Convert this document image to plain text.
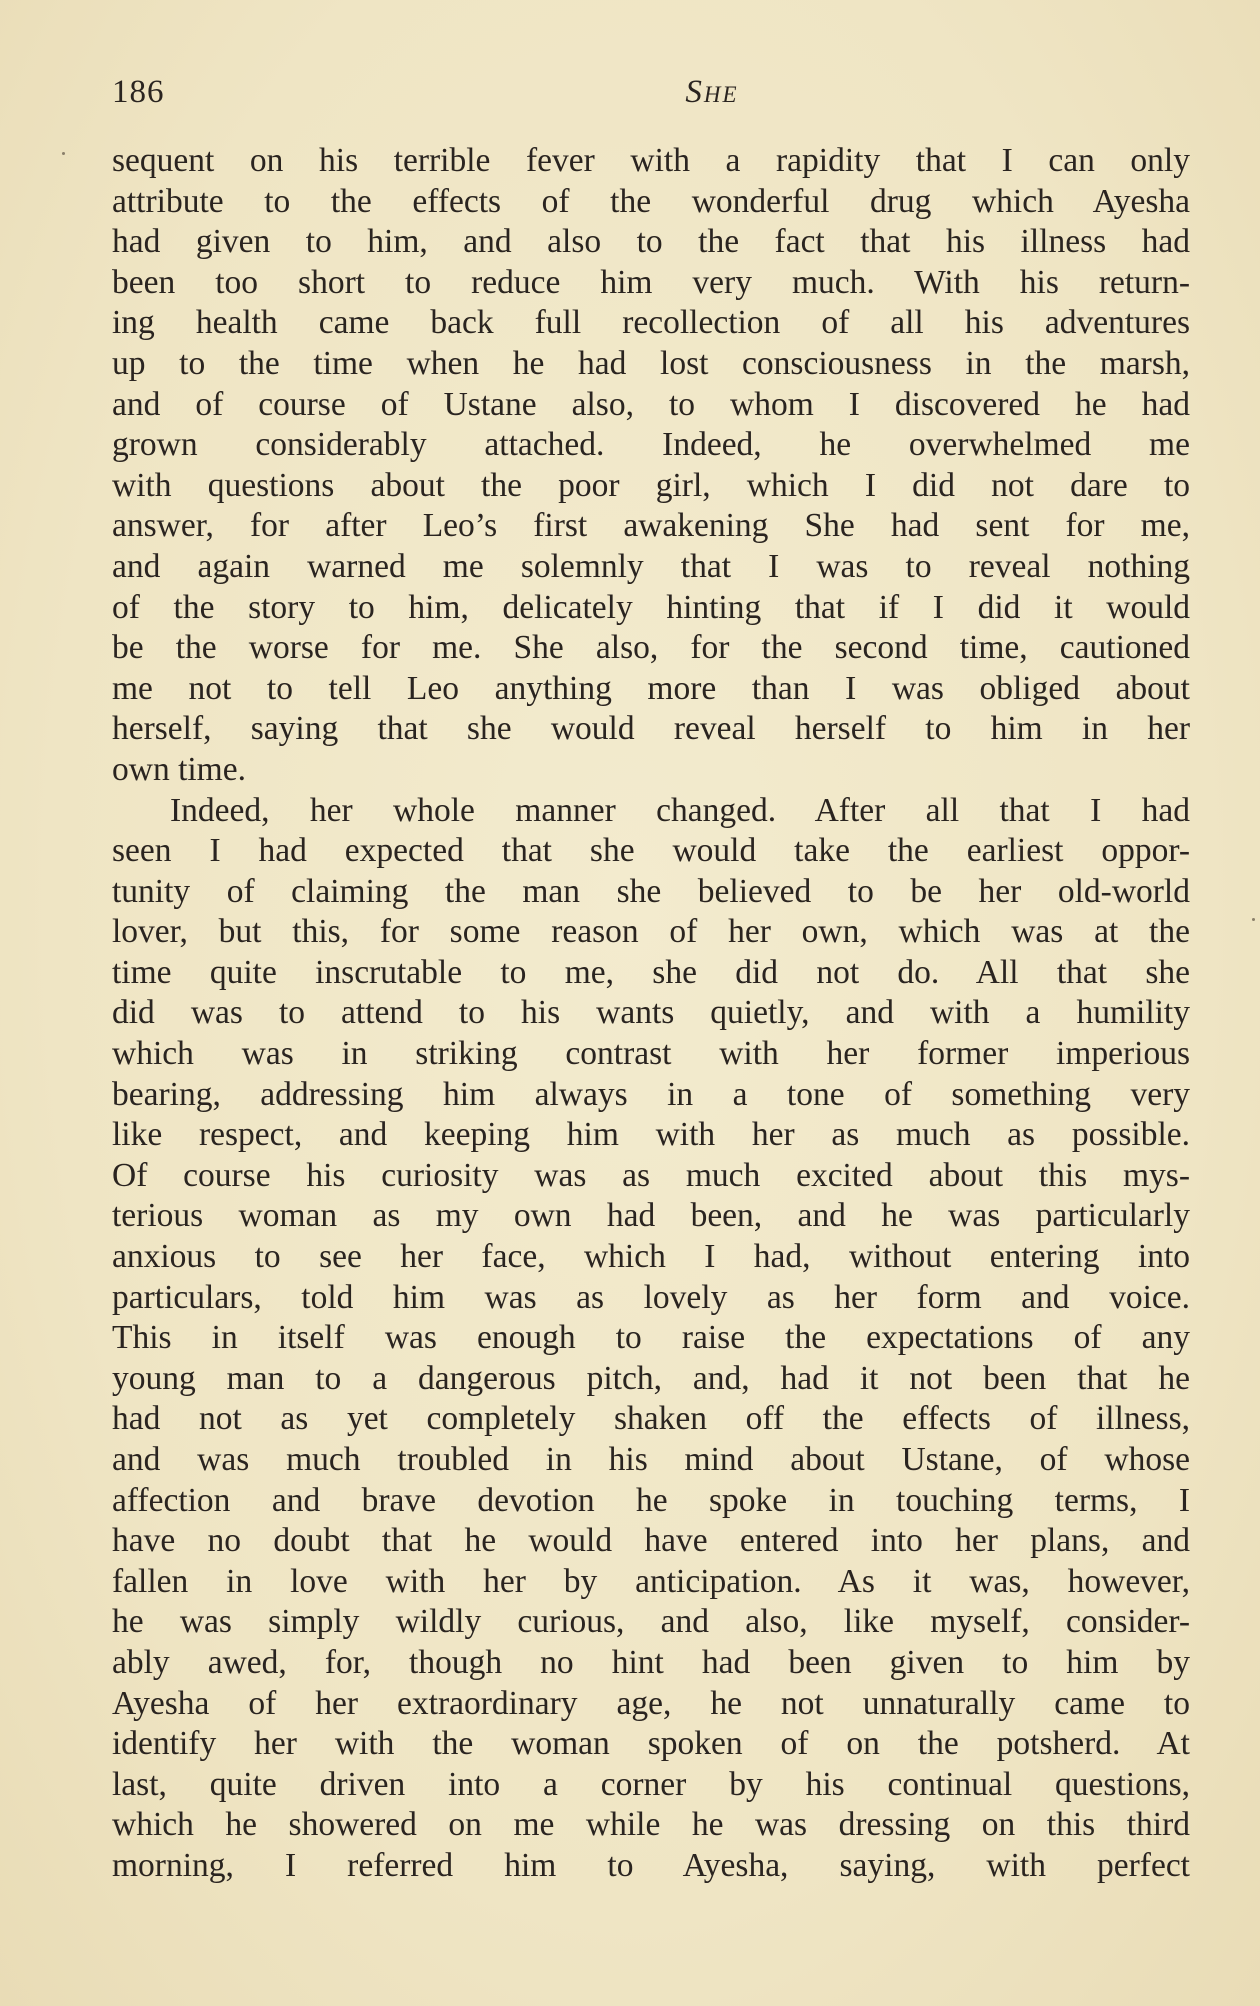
186	She
sequent on his terrible fever with a rapidity that I can only
attribute to the effects of the wonderful drug which Ayesha
had given to him, and also to the fact that his illness had
been too short to reduce him very much. With his return-
ing health came back full recollection of all his adventures
up to the time when he had lost consciousness in the marsh,
and of course of Ustane also, to whom I discovered he had
grown considerably attached. Indeed, he overwhelmed me
with questions about the poor girl, which I did not dare to
answer, for after Leo’s first awakening She had sent for me,
and again warned me solemnly that I was to reveal nothing
of the story to him, delicately hinting that if I did it would
be the worse for me. She also, for the second time, cautioned
me not to tell Leo anything more than I was obliged about
herself, saying that she would reveal herself to him in her
own time.
Indeed, her whole manner changed. After all that I had
seen I had expected that she would take the earliest oppor-
tunity of claiming the man she believed to be her old-world
lover, but this, for some reason of her own, which was at the
time quite inscrutable to me, she did not do. All that she
did was to attend to his wants quietly, and with a humility
which was in striking contrast with her former imperious
bearing, addressing him always in a tone of something very
like respect, and keeping him with her as much as possible.
Of course his curiosity was as much excited about this mys-
terious woman as my own had been, and he was particularly
anxious to see her face, which I had, without entering into
particulars, told him was as lovely as her form and voice.
This in itself was enough to raise the expectations of any
young man to a dangerous pitch, and, had it not been that he
had not as yet completely shaken off the effects of illness,
and was much troubled in his mind about Ustane, of whose
affection and brave devotion he spoke in touching terms, I
have no doubt that he would have entered into her plans, and
fallen in love with her by anticipation. As it was, however,
he was simply wildly curious, and also, like myself, consider-
ably awed, for, though no hint had been given to him by
Ayesha of her extraordinary age, he not unnaturally came to
identify her with the woman spoken of on the potsherd. At
last, quite driven into a corner by his continual questions,
which he showered on me while he was dressing on this third
morning, I referred him to Ayesha, saying, with perfect
